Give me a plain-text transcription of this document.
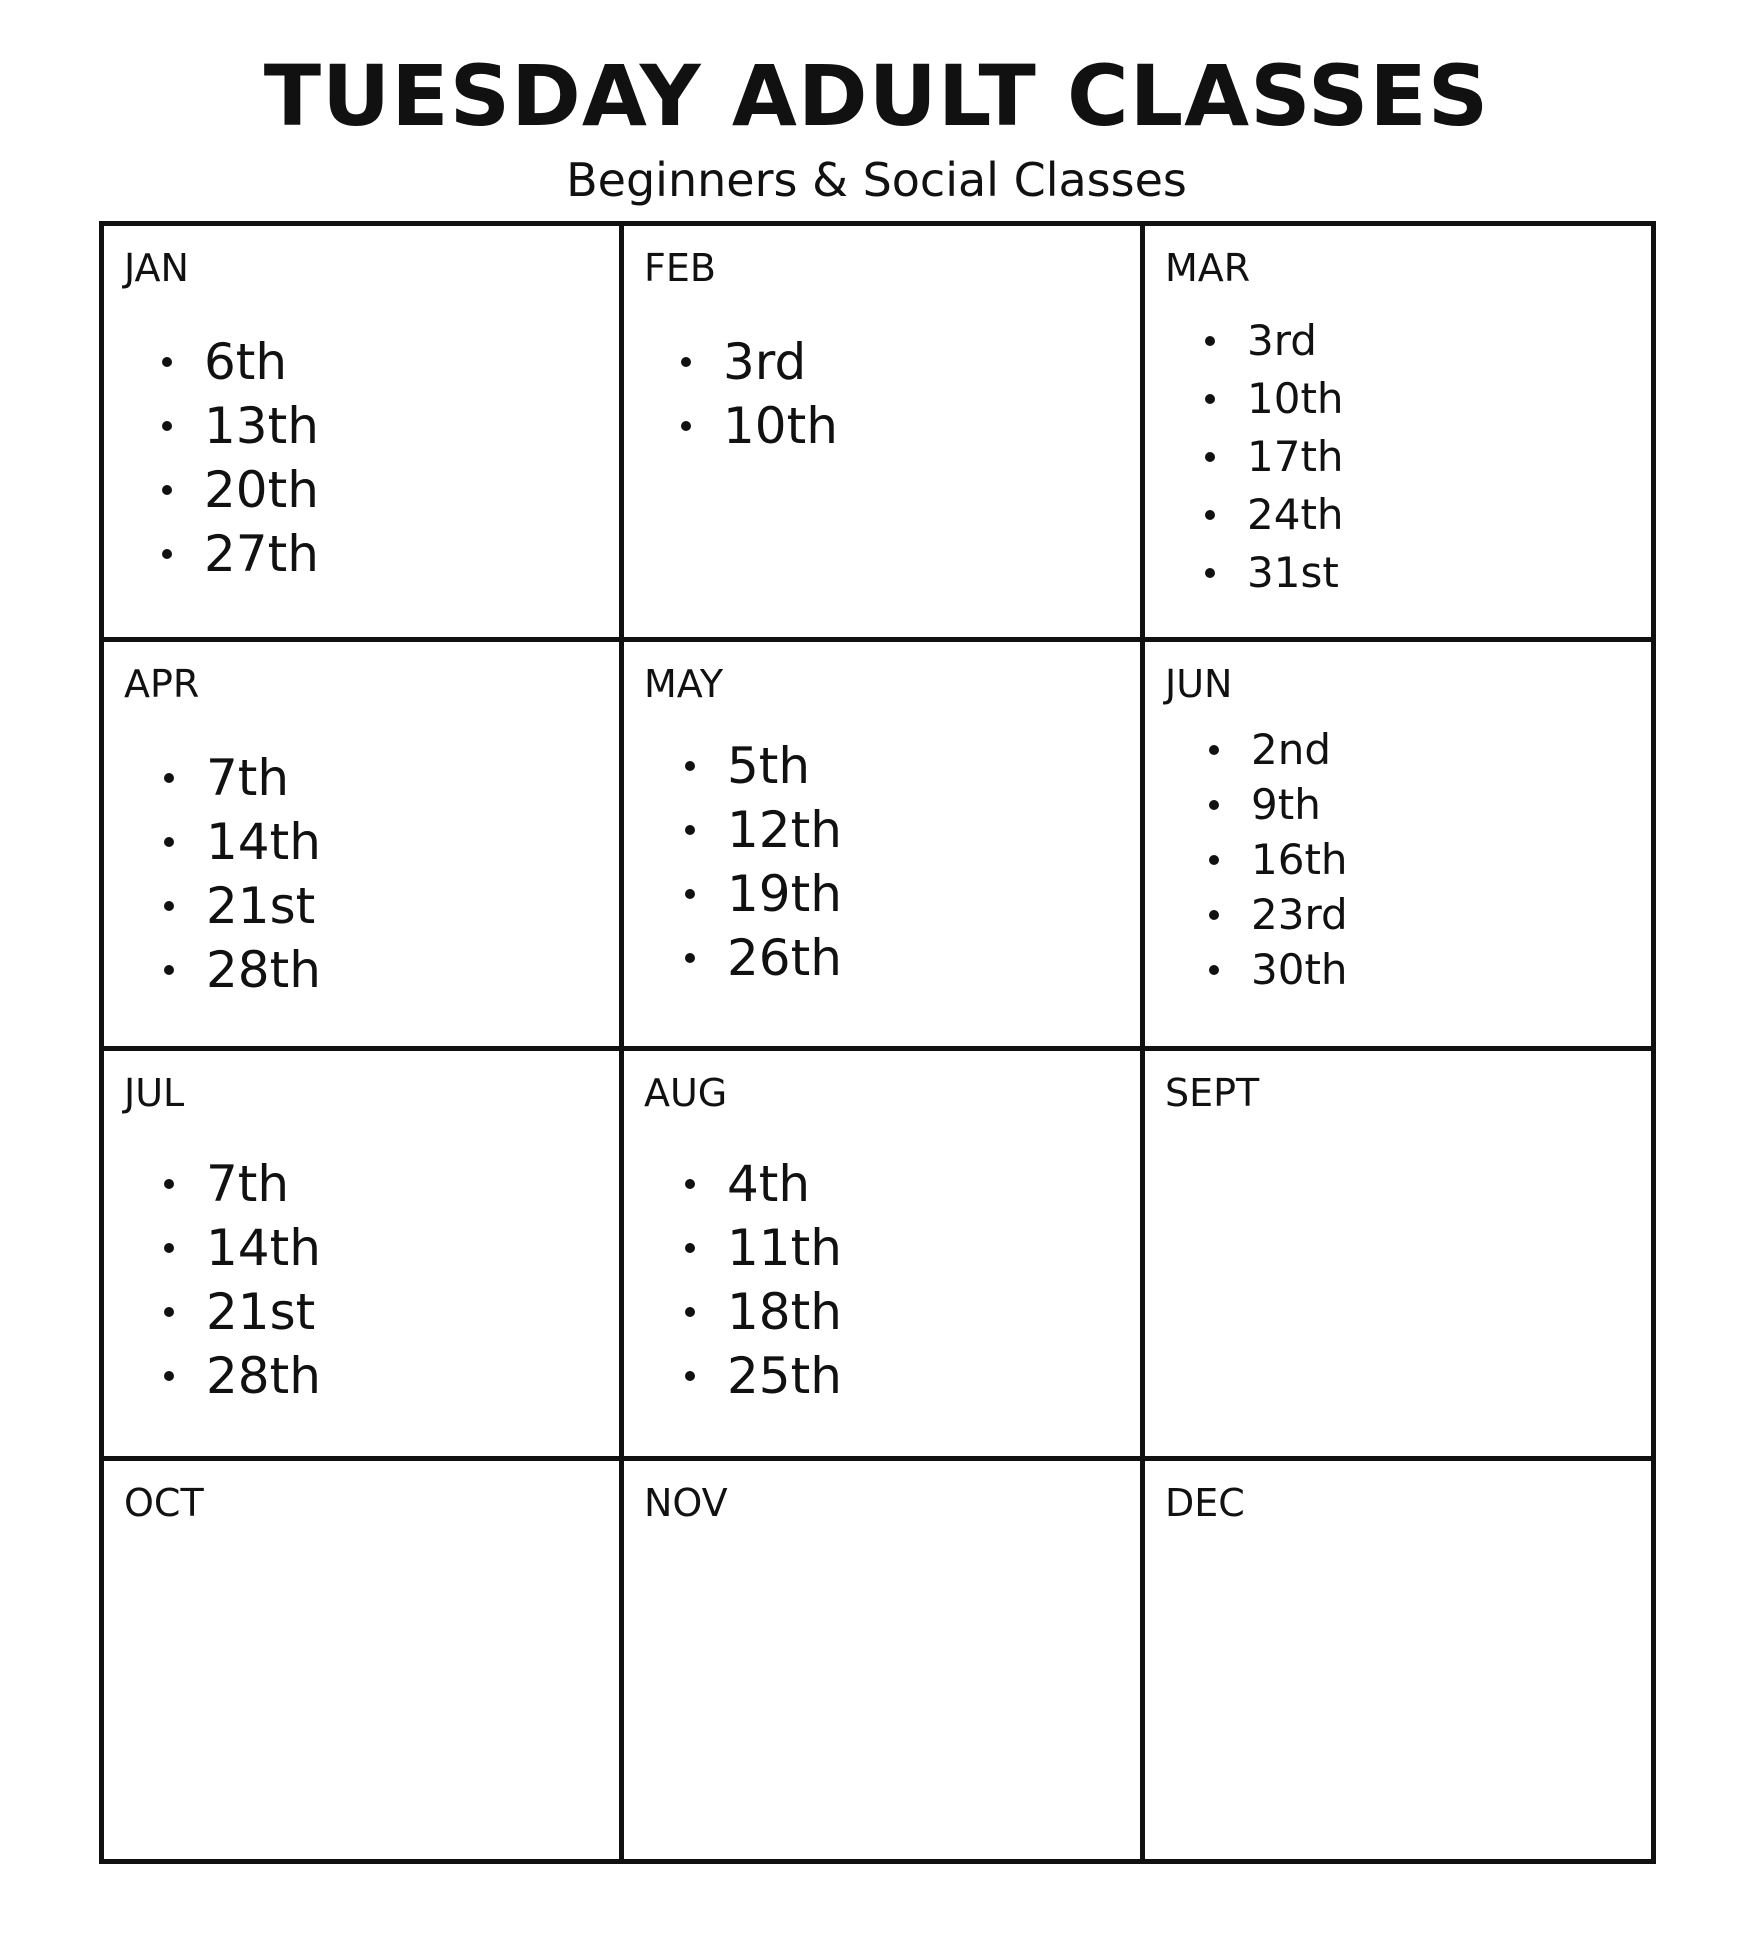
TUESDAY ADULT CLASSES
Beginners & Social Classes
JAN
6th
13th
20th
27th
FEB
3rd
10th
MAR
3rd
10th
17th
24th
31st
APR
7th
14th
21st
28th
MAY
5th
12th
19th
26th
JUN
2nd
9th
16th
23rd
30th
JUL
7th
14th
21st
28th
AUG
4th
11th
18th
25th
SEPT
OCT	NOV	DEC
